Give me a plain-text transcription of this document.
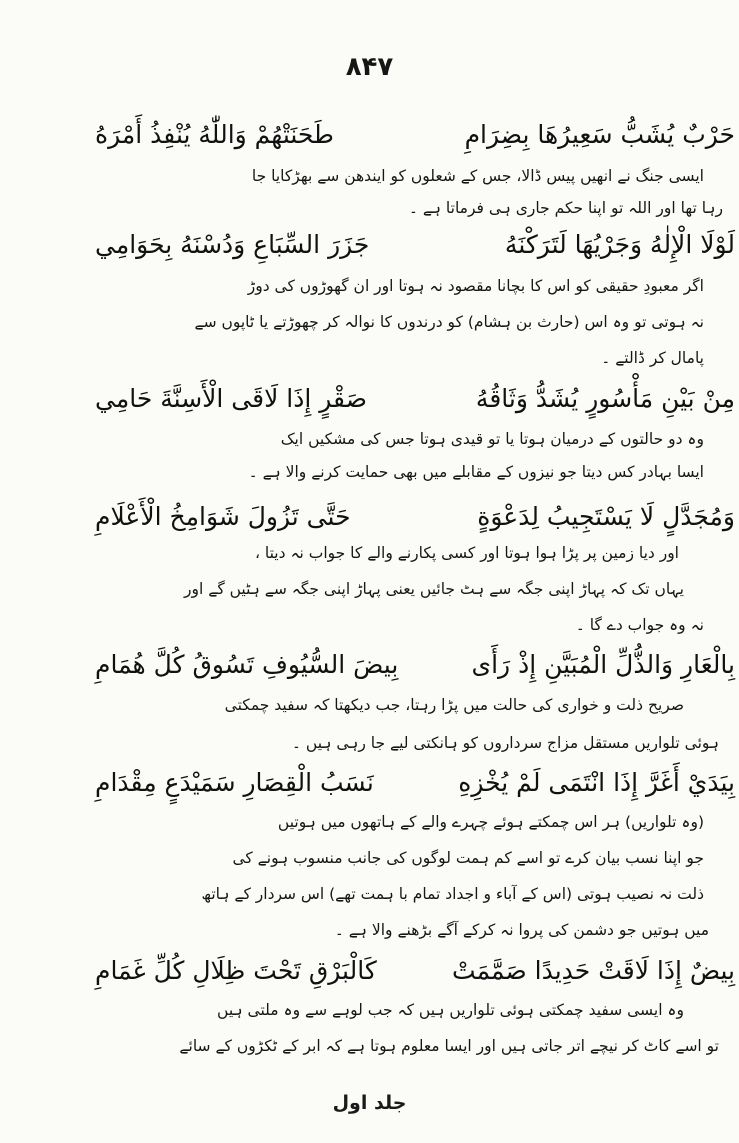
۸۴۷
حَرْبٌ يُشَبُّ سَعِيرُهَا بِضِرَامِ
طَحَنَتْهُمْ وَاللّٰهُ يُنْفِذُ أَمْرَهُ
ایسی جنگ نے انھیں پیس ڈالا، جس کے شعلوں کو ایندھن سے بھڑکایا جا
رہا تھا اور اللہ تو اپنا حکم جاری ہی فرماتا ہے ۔
لَوْلَا الْإِلٰهُ وَجَرْيُهَا لَتَرَكْنَهُ
جَزَرَ السِّبَاعِ وَدُسْنَهُ بِحَوَامِي
اگر معبودِ حقیقی کو اس کا بچانا مقصود نہ ہوتا اور ان گھوڑوں کی دوڑ
نہ ہوتی تو وہ اس (حارث بن ہشام) کو درندوں کا نوالہ کر چھوڑتے یا ٹاپوں سے
پامال کر ڈالتے ۔
مِنْ بَيْنِ مَأْسُورٍ يُشَدُّ وَثَاقُهُ
صَقْرٍ إِذَا لَاقَى الْأَسِنَّةَ حَامِي
وہ دو حالتوں کے درمیان ہوتا یا تو قیدی ہوتا جس کی مشکیں ایک
ایسا بہادر کس دیتا جو نیزوں کے مقابلے میں بھی حمایت کرنے والا ہے ۔
وَمُجَدَّلٍ لَا يَسْتَجِيبُ لِدَعْوَةٍ
حَتَّى تَزُولَ شَوَامِخُ الْأَعْلَامِ
اور دیا زمین پر پڑا ہوا ہوتا اور کسی پکارنے والے کا جواب نہ دیتا ،
یہاں تک کہ پہاڑ اپنی جگہ سے ہٹ جائیں یعنی پہاڑ اپنی جگہ سے ہٹیں گے اور
نہ وہ جواب دے گا ۔
بِالْعَارِ وَالذُّلِّ الْمُبَيَّنِ إِذْ رَأَى
بِيضَ السُّيُوفِ تَسُوقُ كُلَّ هُمَامِ
صریح ذلت و خواری کی حالت میں پڑا رہتا، جب دیکھتا کہ سفید چمکتی
ہوئی تلواریں مستقل مزاج سرداروں کو ہانکتی لیے جا رہی ہیں ۔
بِيَدَيْ أَغَرَّ إِذَا انْتَمَى لَمْ يُخْزِهِ
نَسَبُ الْقِصَارِ سَمَيْدَعٍ مِقْدَامِ
(وہ تلواریں) ہر اس چمکتے ہوئے چہرے والے کے ہاتھوں میں ہوتیں
جو اپنا نسب بیان کرے تو اسے کم ہمت لوگوں کی جانب منسوب ہونے کی
ذلت نہ نصیب ہوتی (اس کے آباء و اجداد تمام با ہمت تھے) اس سردار کے ہاتھ
میں ہوتیں جو دشمن کی پروا نہ کرکے آگے بڑھنے والا ہے ۔
بِيضٌ إِذَا لَاقَتْ حَدِيدًا صَمَّمَتْ
كَالْبَرْقِ تَحْتَ ظِلَالِ كُلِّ غَمَامِ
وہ ایسی سفید چمکتی ہوئی تلواریں ہیں کہ جب لوہے سے وہ ملتی ہیں
تو اسے کاٹ کر نیچے اتر جاتی ہیں اور ایسا معلوم ہوتا ہے کہ ابر کے ٹکڑوں کے سائے
جلد اول
